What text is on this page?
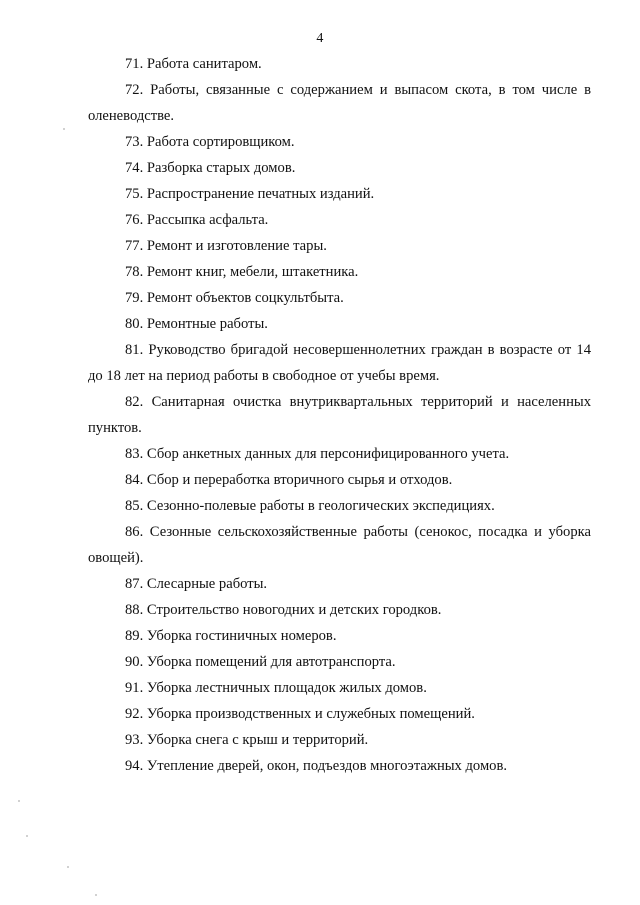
4

71. Работа санитаром.

72. Работы, связанные с содержанием и выпасом скота, в том числе в оленеводстве.

73. Работа сортировщиком.

74. Разборка старых домов.

75. Распространение печатных изданий.

76. Рассыпка асфальта.

77. Ремонт и изготовление тары.

78. Ремонт книг, мебели, штакетника.

79. Ремонт объектов соцкультбыта.

80. Ремонтные работы.

81. Руководство бригадой несовершеннолетних граждан в возрасте от 14 до 18 лет на период работы в свободное от учебы время.

82. Санитарная очистка внутриквартальных территорий и населенных пунктов.

83. Сбор анкетных данных для персонифицированного учета.

84. Сбор и переработка вторичного сырья и отходов.

85. Сезонно-полевые работы в геологических экспедициях.

86. Сезонные сельскохозяйственные работы (сенокос, посадка и уборка овощей).

87. Слесарные работы.

88. Строительство новогодних и детских городков.

89. Уборка гостиничных номеров.

90. Уборка помещений для автотранспорта.

91. Уборка лестничных площадок жилых домов.

92. Уборка производственных и служебных помещений.

93. Уборка снега с крыш и территорий.

94. Утепление дверей, окон, подъездов многоэтажных домов.
